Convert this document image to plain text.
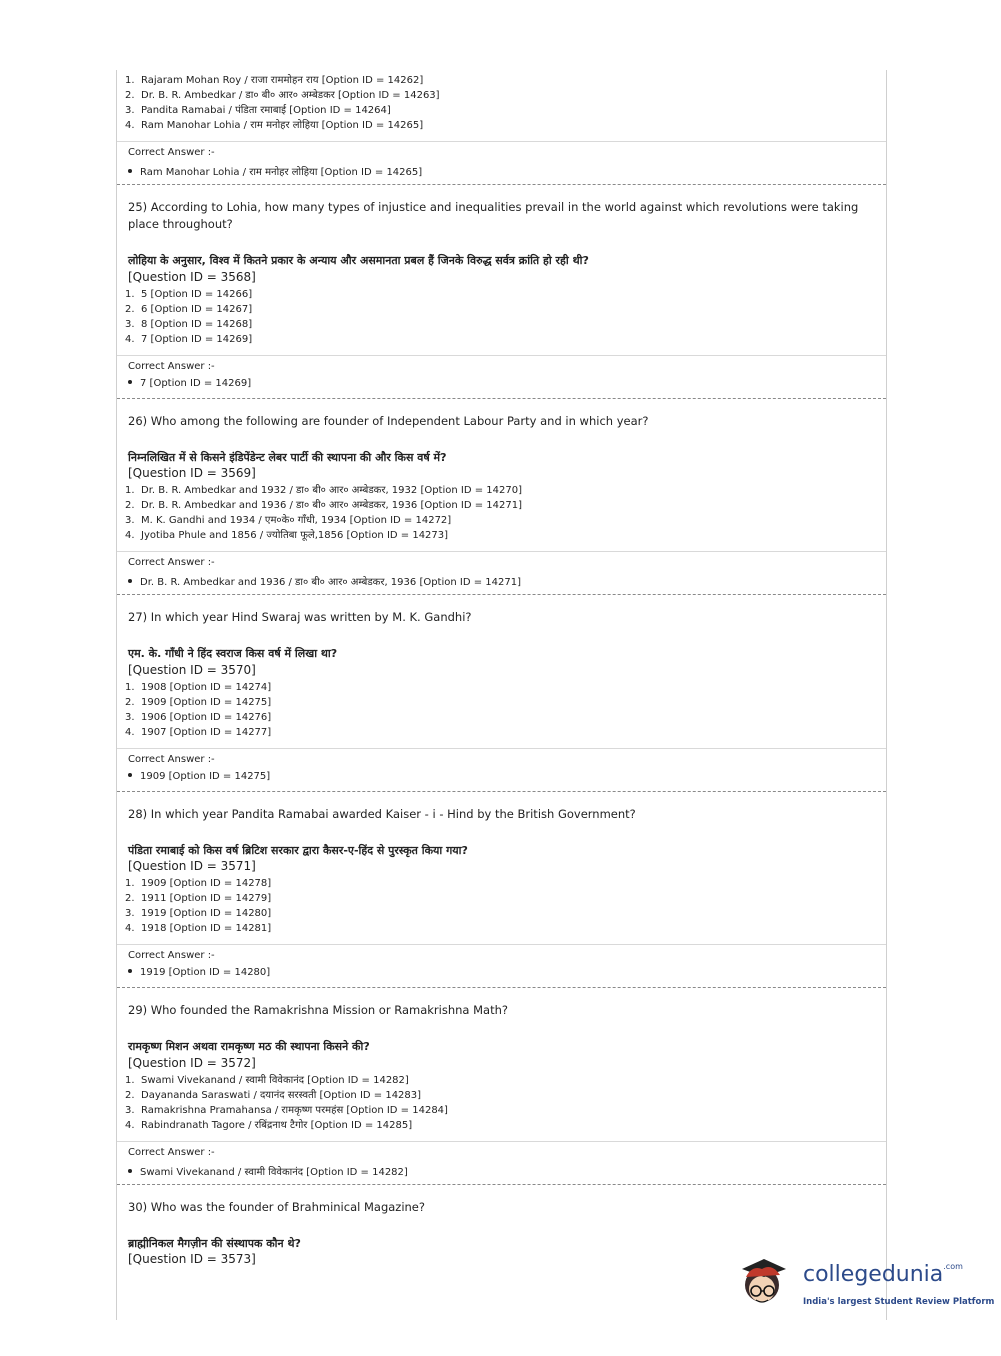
1. Rajaram Mohan Roy / राजा राममोहन राय [Option ID = 14262]
2. Dr. B. R. Ambedkar / डा० बी० आर० अम्बेडकर [Option ID = 14263]
3. Pandita Ramabai / पंडिता रमाबाई [Option ID = 14264]
4. Ram Manohar Lohia / राम मनोहर लोहिया [Option ID = 14265]
Correct Answer :-
Ram Manohar Lohia / राम मनोहर लोहिया [Option ID = 14265]
25) According to Lohia, how many types of injustice and inequalities prevail in the world against which revolutions were taking place throughout?
लोहिया के अनुसार, विश्व में कितने प्रकार के अन्याय और असमानता प्रबल हैं जिनके विरुद्ध सर्वत्र क्रांति हो रही थी?
[Question ID = 3568]
1. 5 [Option ID = 14266]
2. 6 [Option ID = 14267]
3. 8 [Option ID = 14268]
4. 7 [Option ID = 14269]
Correct Answer :-
7 [Option ID = 14269]
26) Who among the following are founder of Independent Labour Party and in which year?
निम्नलिखित में से किसने इंडिपेंडेन्ट लेबर पार्टी की स्थापना की और किस वर्ष में?
[Question ID = 3569]
1. Dr. B. R. Ambedkar and 1932 / डा० बी० आर० अम्बेडकर, 1932 [Option ID = 14270]
2. Dr. B. R. Ambedkar and 1936 / डा० बी० आर० अम्बेडकर, 1936 [Option ID = 14271]
3. M. K. Gandhi and 1934 / एम०के० गाँधी, 1934 [Option ID = 14272]
4. Jyotiba Phule and 1856 / ज्योतिबा फूले,1856 [Option ID = 14273]
Correct Answer :-
Dr. B. R. Ambedkar and 1936 / डा० बी० आर० अम्बेडकर, 1936 [Option ID = 14271]
27) In which year Hind Swaraj was written by M. K. Gandhi?
एम. के. गाँधी ने हिंद स्वराज किस वर्ष में लिखा था?
[Question ID = 3570]
1. 1908 [Option ID = 14274]
2. 1909 [Option ID = 14275]
3. 1906 [Option ID = 14276]
4. 1907 [Option ID = 14277]
Correct Answer :-
1909 [Option ID = 14275]
28) In which year Pandita Ramabai awarded Kaiser - i - Hind by the British Government?
पंडिता रमाबाई को किस वर्ष ब्रिटिश सरकार द्वारा कैसर-ए-हिंद से पुरस्कृत किया गया?
[Question ID = 3571]
1. 1909 [Option ID = 14278]
2. 1911 [Option ID = 14279]
3. 1919 [Option ID = 14280]
4. 1918 [Option ID = 14281]
Correct Answer :-
1919 [Option ID = 14280]
29) Who founded the Ramakrishna Mission or Ramakrishna Math?
रामकृष्ण मिशन अथवा रामकृष्ण मठ की स्थापना किसने की?
[Question ID = 3572]
1. Swami Vivekanand / स्वामी विवेकानंद [Option ID = 14282]
2. Dayananda Saraswati / दयानंद सरस्वती [Option ID = 14283]
3. Ramakrishna Pramahansa / रामकृष्ण परमहंस [Option ID = 14284]
4. Rabindranath Tagore / रबिंद्रनाथ टैगोर [Option ID = 14285]
Correct Answer :-
Swami Vivekanand / स्वामी विवेकानंद [Option ID = 14282]
30) Who was the founder of Brahminical Magazine?
ब्राह्मीनिकल मैगज़ीन की संस्थापक कौन थे?
[Question ID = 3573]
collegedunia$^{.com}$
India's largest Student Review Platform
